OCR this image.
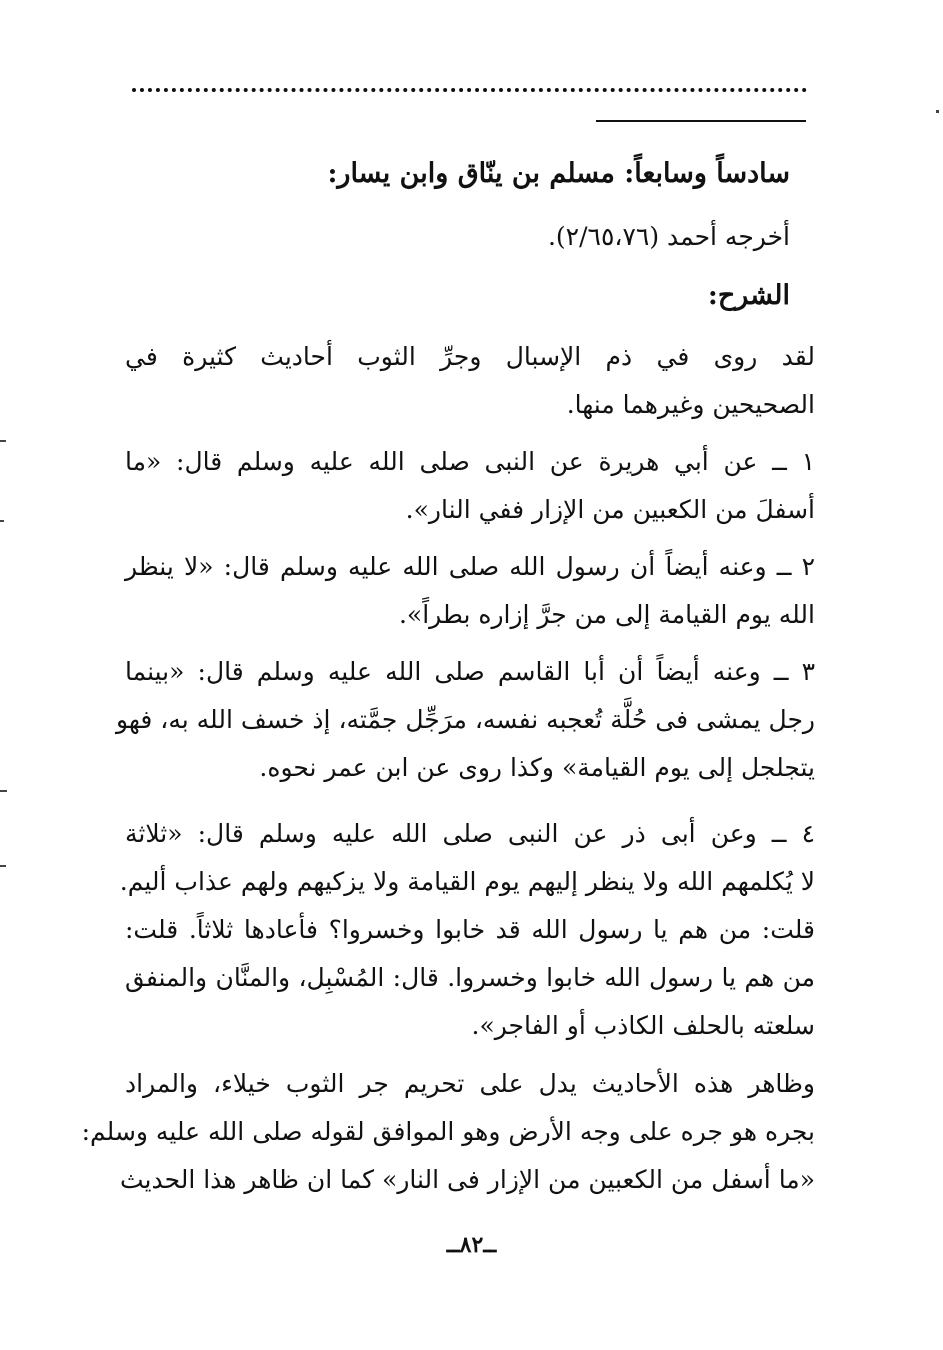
سادساً وسابعاً: مسلم بن ينّاق وابن يسار:
أخرجه أحمد (٢/٦٥،٧٦).
الشرح:
لقد روى في ذم الإسبال وجرِّ الثوب أحاديث كثيرة في
الصحيحين وغيرهما منها.
١ ــ عن أبي هريرة عن النبى صلى الله عليه وسلم قال: «ما
أسفلَ من الكعبين من الإزار ففي النار».
٢ ــ وعنه أيضاً أن رسول الله صلى الله عليه وسلم قال: «لا ينظر
الله يوم القيامة إلى من جرَّ إزاره بطراً».
٣ ــ وعنه أيضاً أن أبا القاسم صلى الله عليه وسلم قال: «بينما
رجل يمشى فى حُلَّة تُعجبه نفسه، مرَجِّل جمَّته، إذ خسف الله به، فهو
يتجلجل إلى يوم القيامة» وكذا روى عن ابن عمر نحوه.
٤ ــ وعن أبى ذر عن النبى صلى الله عليه وسلم قال: «ثلاثة
لا يُكلمهم الله ولا ينظر إليهم يوم القيامة ولا يزكيهم ولهم عذاب أليم.
قلت: من هم يا رسول الله قد خابوا وخسروا؟ فأعادها ثلاثاً. قلت:
من هم يا رسول الله خابوا وخسروا. قال: المُسْبِل، والمنَّان والمنفق
سلعته بالحلف الكاذب أو الفاجر».
وظاهر هذه الأحاديث يدل على تحريم جر الثوب خيلاء، والمراد
بجره هو جره على وجه الأرض وهو الموافق لقوله صلى الله عليه وسلم:
«ما أسفل من الكعبين من الإزار فى النار» كما ان ظاهر هذا الحديث
ــ٨٢ــ
